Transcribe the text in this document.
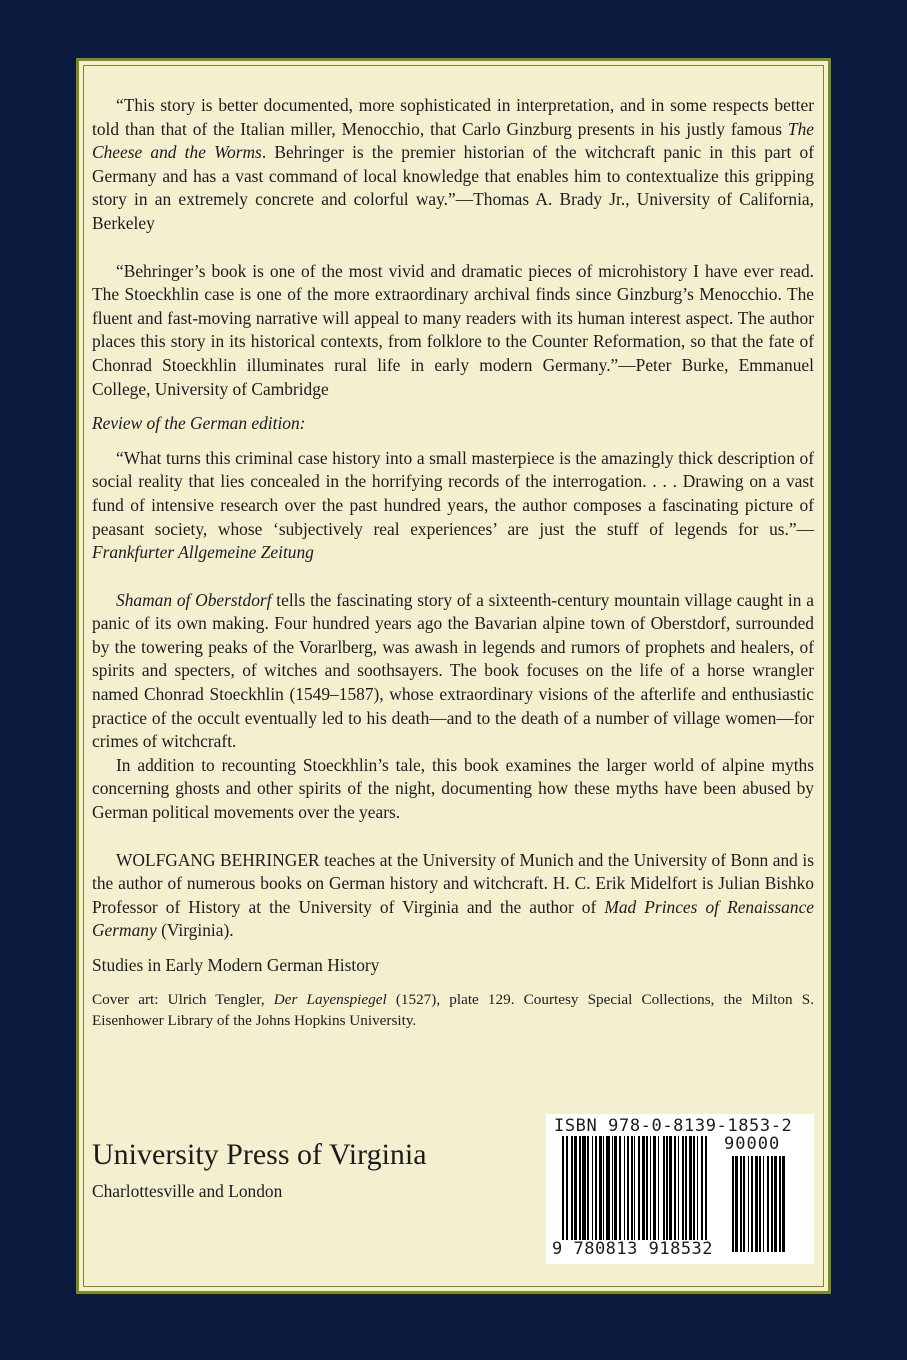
“This story is better documented, more sophisticated in interpretation, and in some respects better told than that of the Italian miller, Menocchio, that Carlo Ginzburg presents in his justly famous The Cheese and the Worms. Behringer is the premier historian of the witchcraft panic in this part of Germany and has a vast command of local knowledge that enables him to contextualize this gripping story in an extremely concrete and colorful way.”—Thomas A. Brady Jr., University of California, Berkeley

“Behringer’s book is one of the most vivid and dramatic pieces of microhistory I have ever read. The Stoeckhlin case is one of the more extraordinary archival finds since Ginzburg’s Menocchio. The fluent and fast-moving narrative will appeal to many readers with its human interest aspect. The author places this story in its historical contexts, from folklore to the Counter Reformation, so that the fate of Chonrad Stoeckhlin illuminates rural life in early modern Germany.”—Peter Burke, Emmanuel College, University of Cambridge

Review of the German edition:

“What turns this criminal case history into a small masterpiece is the amazingly thick description of social reality that lies concealed in the horrifying records of the interrogation. . . . Drawing on a vast fund of intensive research over the past hundred years, the author composes a fascinating picture of peasant society, whose ‘subjectively real experiences’ are just the stuff of legends for us.”—Frankfurter Allgemeine Zeitung

Shaman of Oberstdorf tells the fascinating story of a sixteenth-century mountain village caught in a panic of its own making. Four hundred years ago the Bavarian alpine town of Oberstdorf, surrounded by the towering peaks of the Vorarlberg, was awash in legends and rumors of prophets and healers, of spirits and specters, of witches and soothsayers. The book focuses on the life of a horse wrangler named Chonrad Stoeckhlin (1549–1587), whose extraordinary visions of the afterlife and enthusiastic practice of the occult eventually led to his death—and to the death of a number of village women—for crimes of witchcraft.

In addition to recounting Stoeckhlin’s tale, this book examines the larger world of alpine myths concerning ghosts and other spirits of the night, documenting how these myths have been abused by German political movements over the years.

WOLFGANG BEHRINGER teaches at the University of Munich and the University of Bonn and is the author of numerous books on German history and witchcraft. H. C. Erik Midelfort is Julian Bishko Professor of History at the University of Virginia and the author of Mad Princes of Renaissance Germany (Virginia).

Studies in Early Modern German History

Cover art: Ulrich Tengler, Der Layenspiegel (1527), plate 129. Courtesy Special Collections, the Milton S. Eisenhower Library of the Johns Hopkins University.

University Press of Virginia
Charlottesville and London
ISBN 978-0-8139-1853-2
90000
9 780813 918532
